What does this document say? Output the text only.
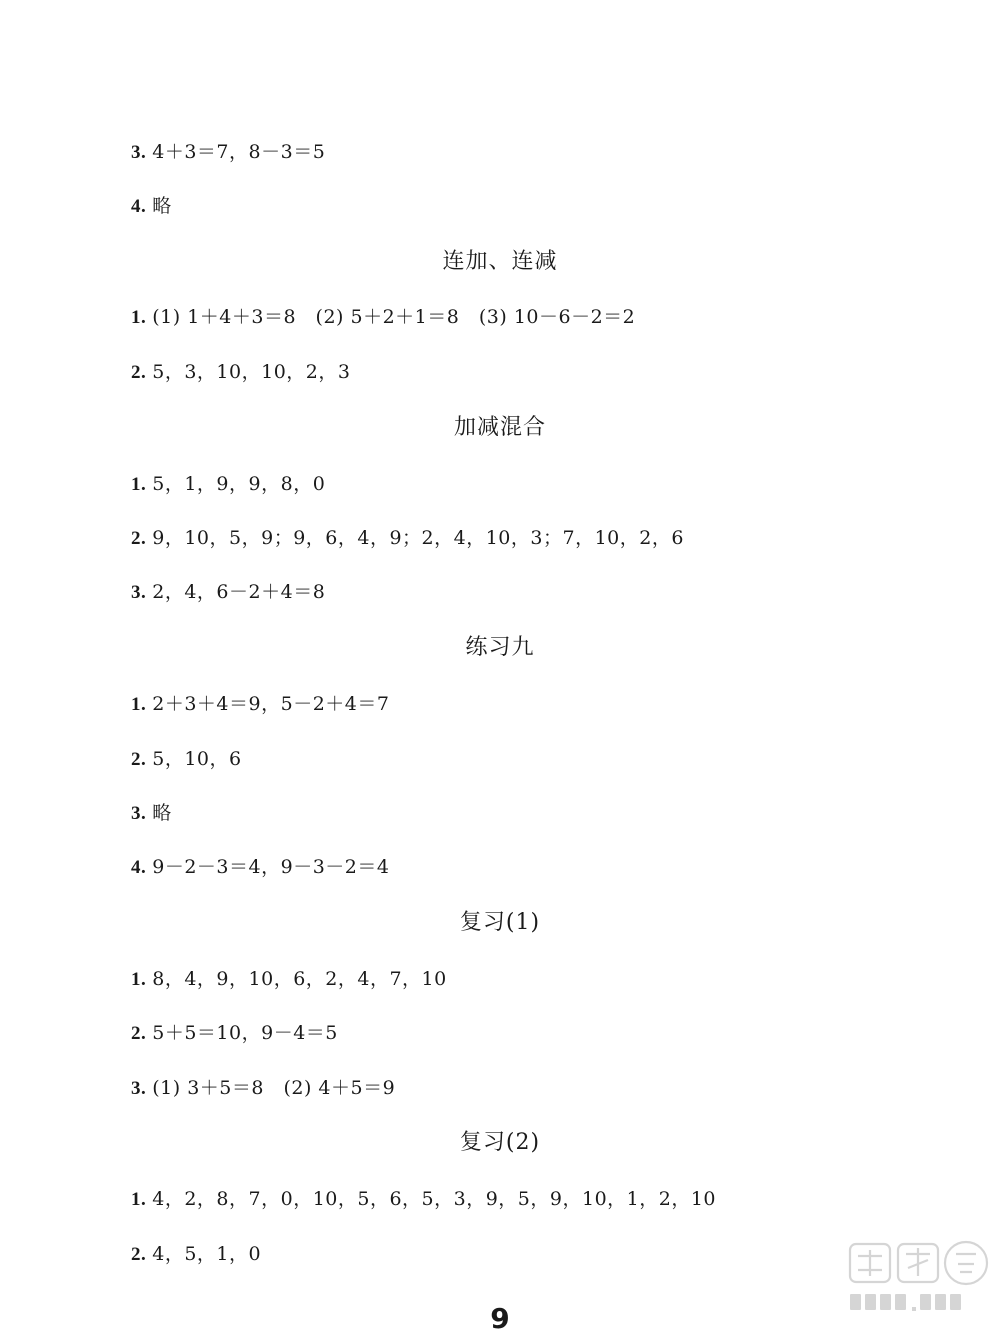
3. 4＋3＝7，8－3＝5
4. 略
连加、连减
1. (1) 1＋4＋3＝8　(2) 5＋2＋1＝8　(3) 10－6－2＝2
2. 5，3，10，10，2，3
加减混合
1. 5，1，9，9，8，0
2. 9，10，5，9；9，6，4，9；2，4，10，3；7，10，2，6
3. 2，4，6－2＋4＝8
练习九
1. 2＋3＋4＝9，5－2＋4＝7
2. 5，10，6
3. 略
4. 9－2－3＝4，9－3－2＝4
复习(1)
1. 8，4，9，10，6，2，4，7，10
2. 5＋5＝10，9－4＝5
3. (1) 3＋5＝8　(2) 4＋5＝9
复习(2)
1. 4，2，8，7，0，10，5，6，5，3，9，5，9，10，1，2，10
2. 4，5，1，0
9
